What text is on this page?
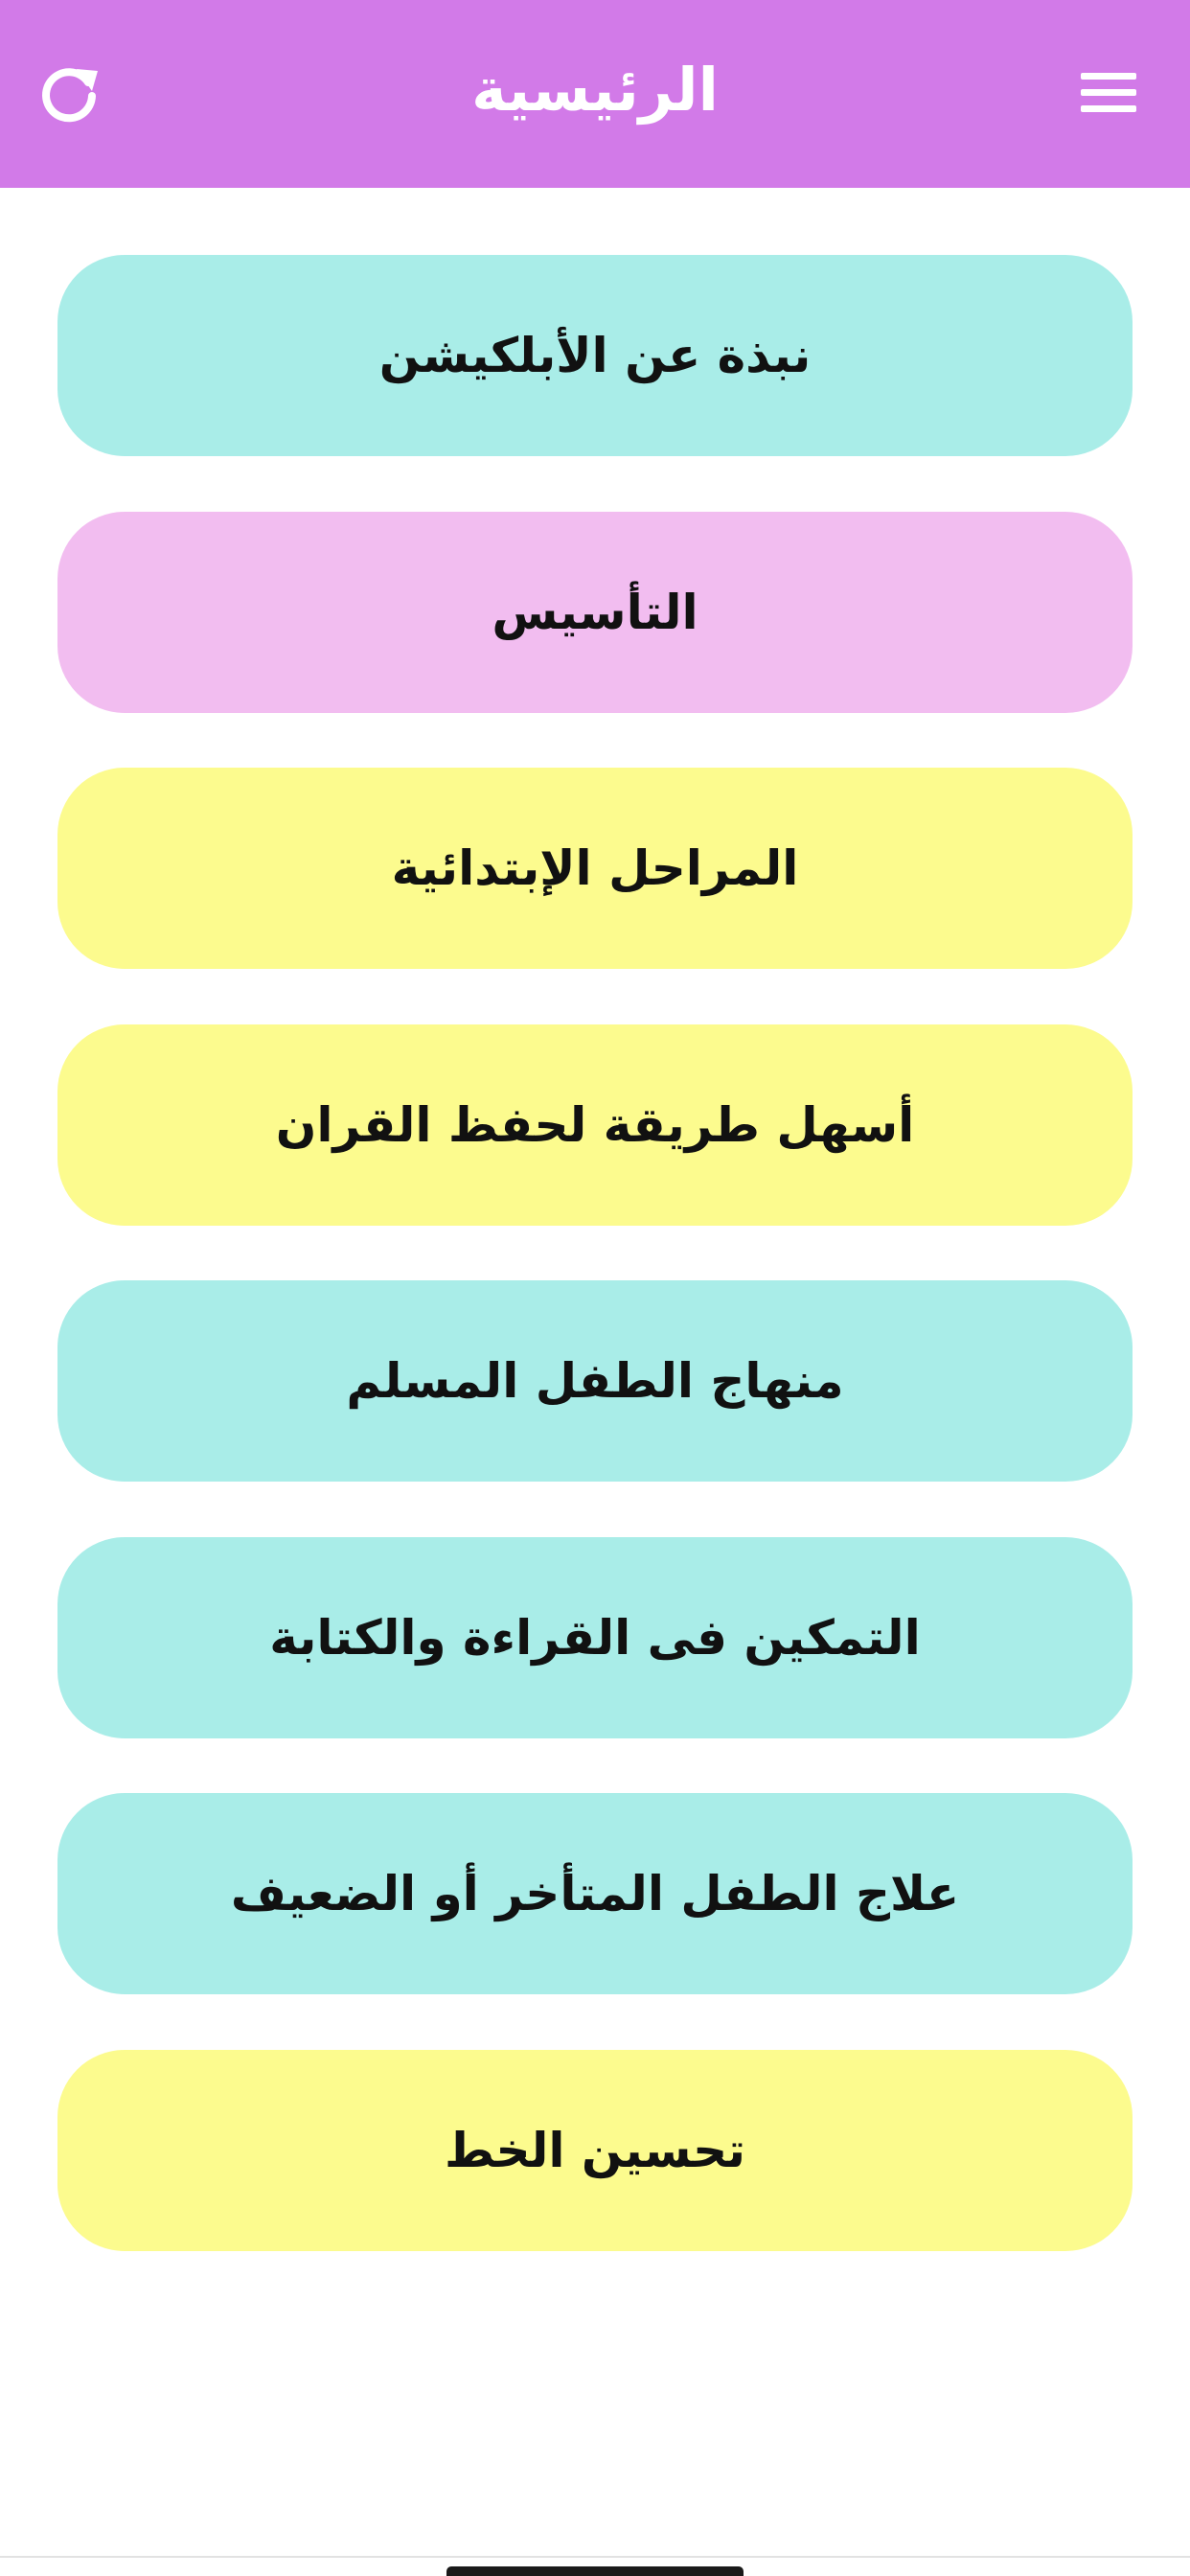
الرئيسية
نبذة عن الأبلكيشن
التأسيس
المراحل الإبتدائية
أسهل طريقة لحفظ القران
منهاج الطفل المسلم
التمكين فى القراءة والكتابة
علاج الطفل المتأخر أو الضعيف
تحسين الخط
